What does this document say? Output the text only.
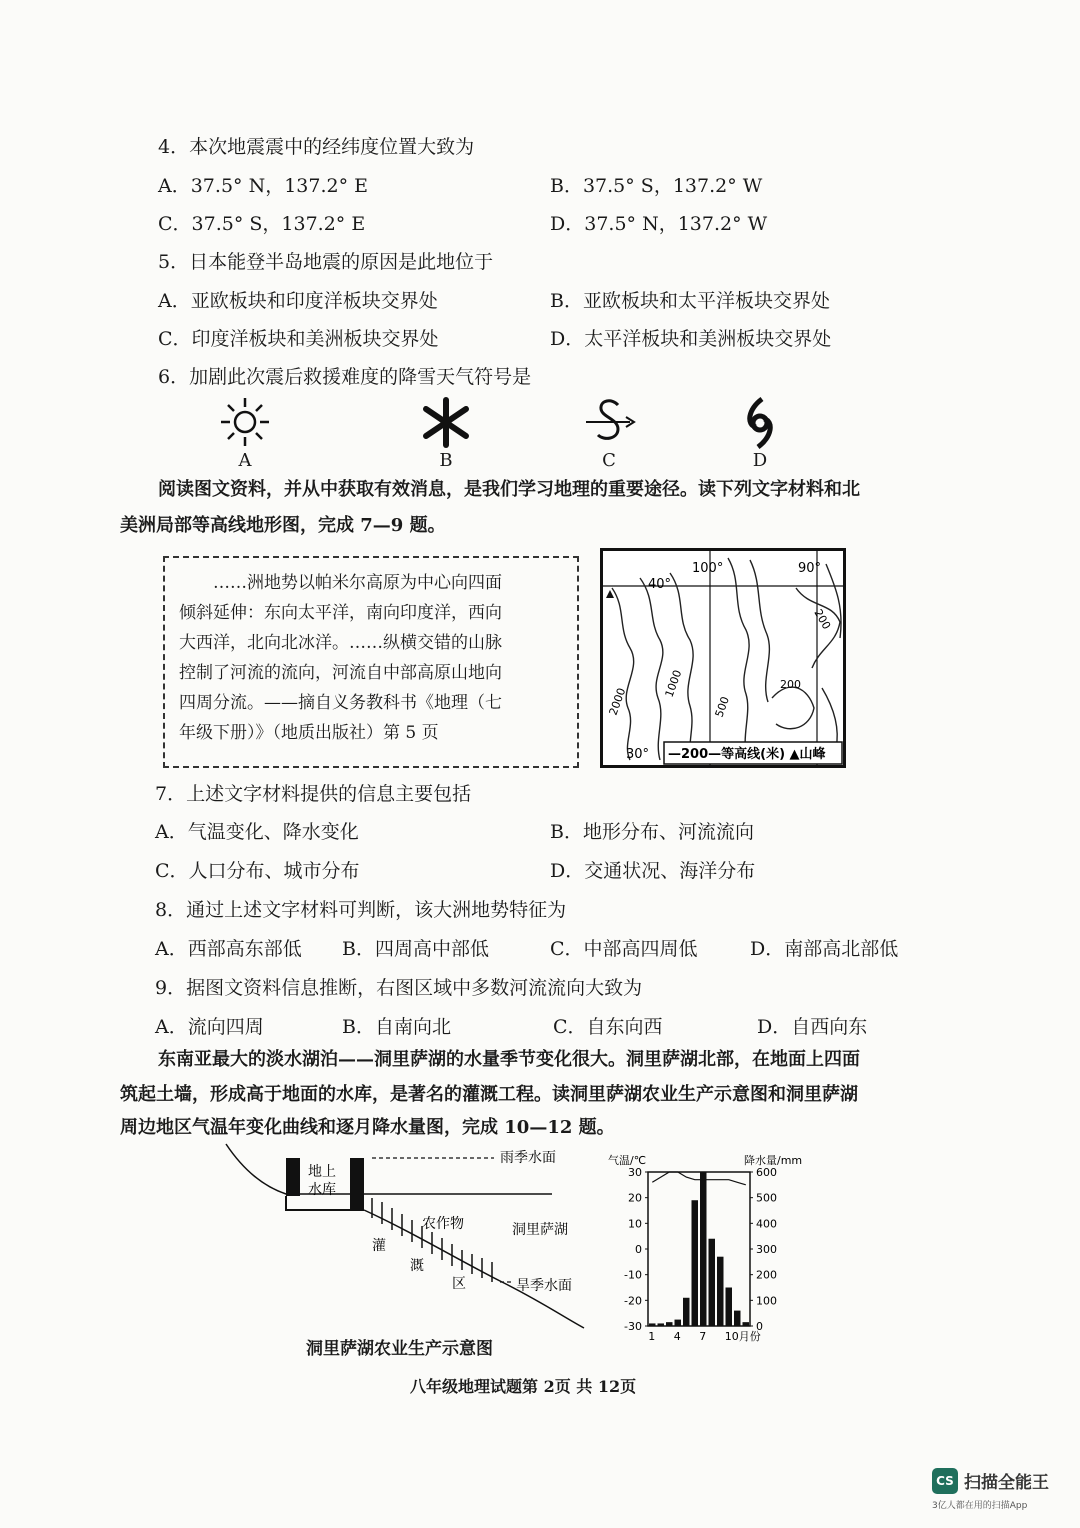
4．本次地震震中的经纬度位置大致为
A．37.5° N，137.2° E	B．37.5° S，137.2° W
C．37.5° S，137.2° E	D．37.5° N，137.2° W
5．日本能登半岛地震的原因是此地位于
A．亚欧板块和印度洋板块交界处	B．亚欧板块和太平洋板块交界处
C．印度洋板块和美洲板块交界处	D．太平洋板块和美洲板块交界处
6．加剧此次震后救援难度的降雪天气符号是
A	B	C	D
阅读图文资料，并从中获取有效消息，是我们学习地理的重要途径。读下列文字材料和北
美洲局部等高线地形图，完成 7—9 题。
……洲地势以帕米尔高原为中心向四面
倾斜延伸：东向太平洋，南向印度洋，西向
大西洋，北向北冰洋。……纵横交错的山脉
控制了河流的流向，河流自中部高原山地向
四周分流。——摘自义务教科书《地理（七
年级下册）》（地质出版社）第 5 页
40°
100°	90°
2000
1000
500
200
200
30° —200—等高线(米) ▲山峰
7．上述文字材料提供的信息主要包括
A．气温变化、降水变化	B．地形分布、河流流向
C．人口分布、城市分布	D．交通状况、海洋分布
8．通过上述文字材料可判断，该大洲地势特征为
A．西部高东部低 B．四周高中部低	C．中部高四周低	D．南部高北部低
9．据图文资料信息推断，右图区域中多数河流流向大致为
A．流向四周	B．自南向北	C．自东向西	D．自西向东
东南亚最大的淡水湖泊——洞里萨湖的水量季节变化很大。洞里萨湖北部，在地面上四面
筑起土墙，形成高于地面的水库，是著名的灌溉工程。读洞里萨湖农业生产示意图和洞里萨湖
周边地区气温年变化曲线和逐月降水量图，完成 10—12 题。
地上
水库
雨季水面
农作物	洞里萨湖
灌
溉
区	旱季水面
洞里萨湖农业生产示意图
气温/℃	降水量/mm
30
20
10
0
-10
-20
-30
600
500
400
300
200
100
0
1 4 7 10月份
八年级地理试题第 2页 共 12页
CS 扫描全能王
3亿人都在用的扫描App
